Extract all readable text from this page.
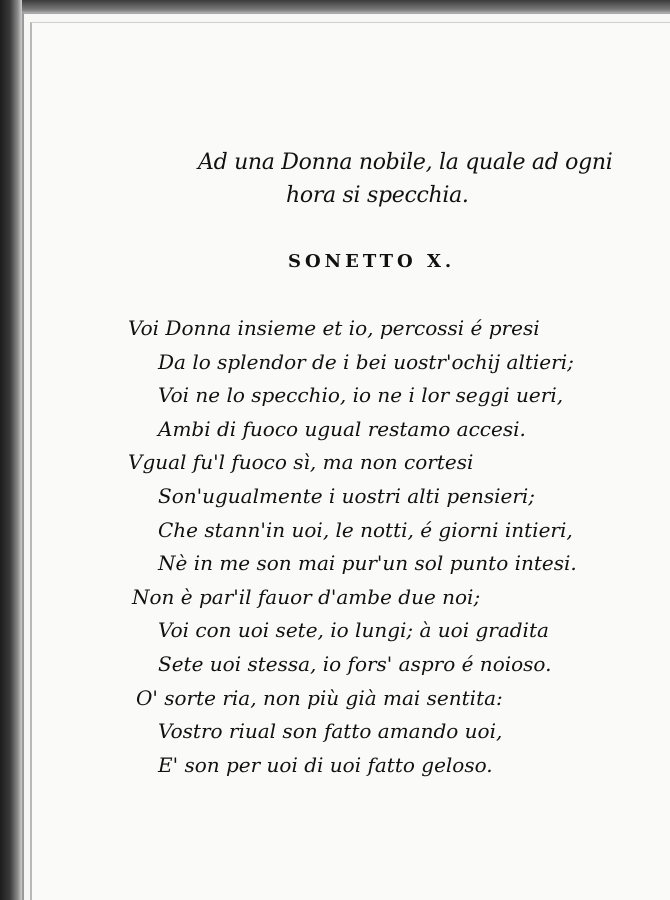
Ad una Donna nobile, la quale ad ogni
hora si specchia.
SONETTO X.
Voi Donna insieme et io, percossi é presi
Da lo splendor de i bei uostr'ochij altieri;
Voi ne lo specchio, io ne i lor seggi ueri,
Ambi di fuoco ugual restamo accesi.
Vgual fu'l fuoco sì, ma non cortesi
Son'ugualmente i uostri alti pensieri;
Che stann'in uoi, le notti, é giorni intieri,
Nè in me son mai pur'un sol punto intesi.
Non è par'il fauor d'ambe due noi;
Voi con uoi sete, io lungi; à uoi gradita
Sete uoi stessa, io fors' aspro é noioso.
O' sorte ria, non più già mai sentita:
Vostro riual son fatto amando uoi,
E' son per uoi di uoi fatto geloso.
